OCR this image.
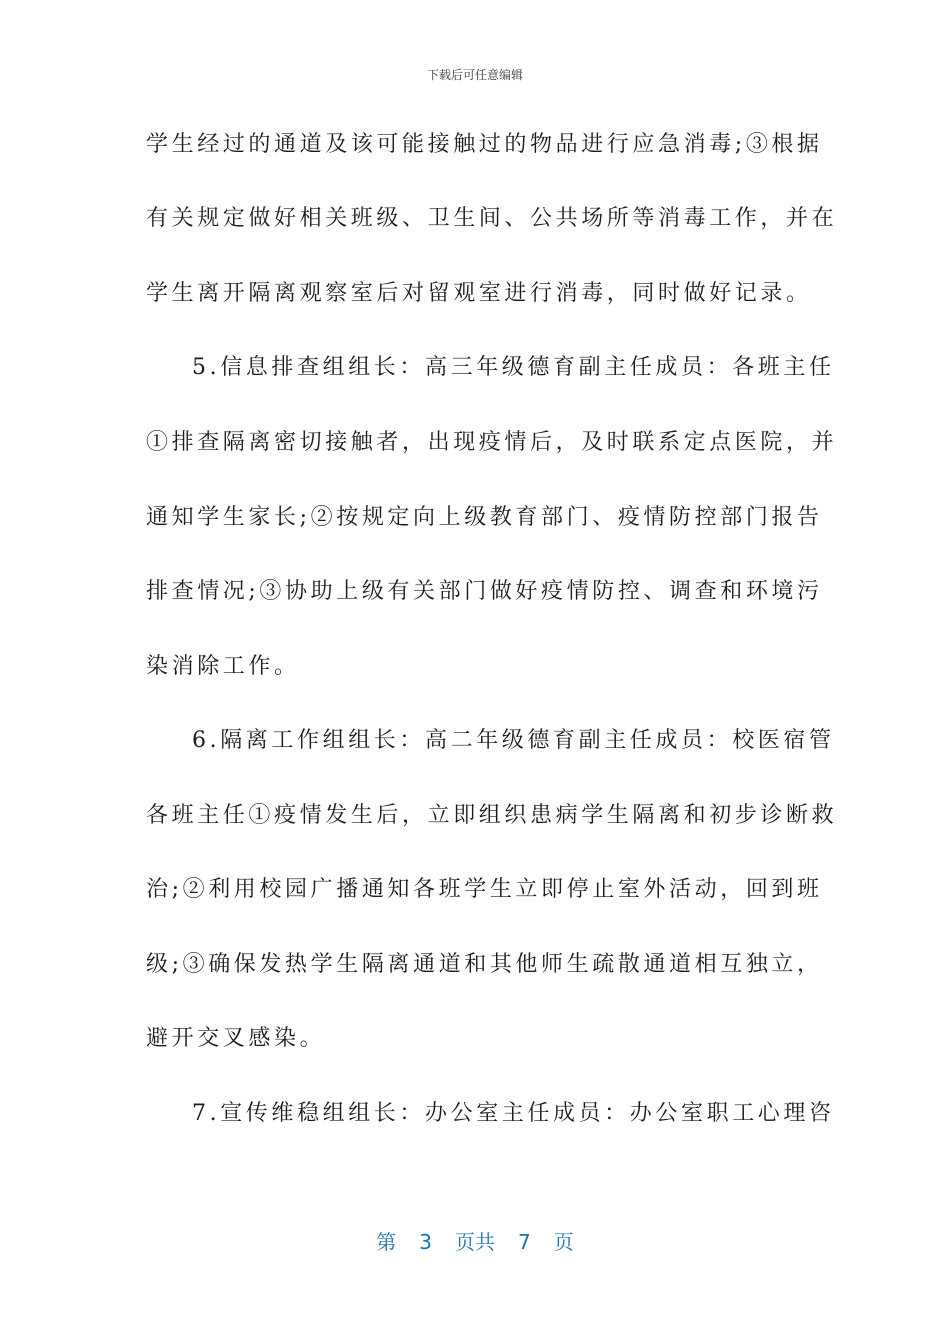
下载后可任意编辑
学生经过的通道及该可能接触过的物品进行应急消毒;③根据
有关规定做好相关班级、卫生间、公共场所等消毒工作，并在
学生离开隔离观察室后对留观室进行消毒，同时做好记录。
5.信息排查组组长：高三年级德育副主任成员：各班主任
①排查隔离密切接触者，出现疫情后，及时联系定点医院，并
通知学生家长;②按规定向上级教育部门、疫情防控部门报告
排查情况;③协助上级有关部门做好疫情防控、调查和环境污
染消除工作。
6.隔离工作组组长：高二年级德育副主任成员：校医宿管
各班主任①疫情发生后，立即组织患病学生隔离和初步诊断救
治;②利用校园广播通知各班学生立即停止室外活动，回到班
级;③确保发热学生隔离通道和其他师生疏散通道相互独立，
避开交叉感染。
7.宣传维稳组组长：办公室主任成员：办公室职工心理咨
第 3 页共 7 页
